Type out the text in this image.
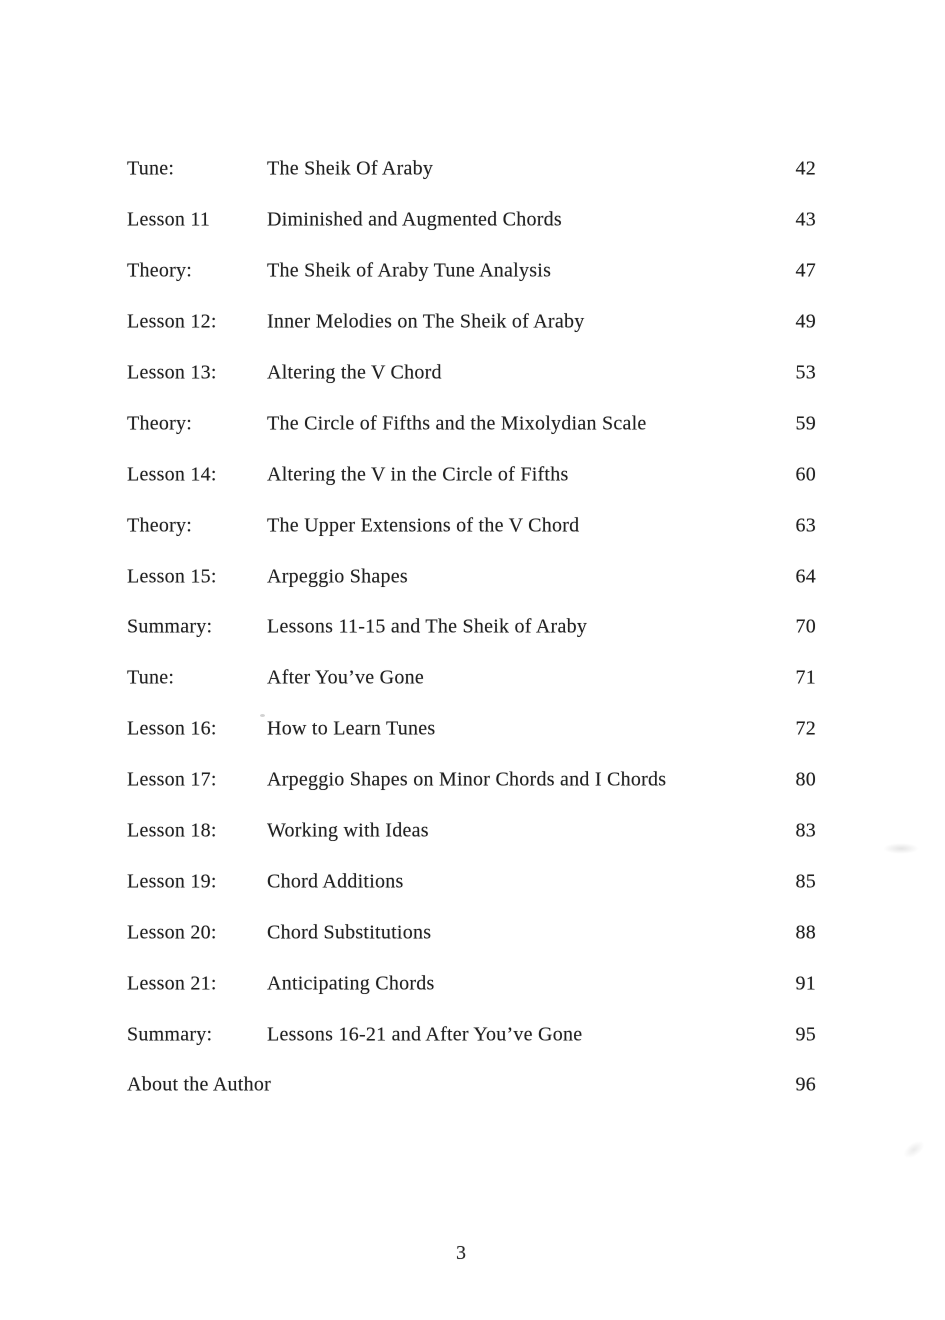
Tune:	The Sheik Of Araby	42
Lesson 11	Diminished and Augmented Chords	43
Theory:	The Sheik of Araby Tune Analysis	47
Lesson 12:	Inner Melodies on The Sheik of Araby	49
Lesson 13:	Altering the V Chord	53
Theory:	The Circle of Fifths and the Mixolydian Scale	59
Lesson 14:	Altering the V in the Circle of Fifths	60
Theory:	The Upper Extensions of the V Chord	63
Lesson 15:	Arpeggio Shapes	64
Summary:	Lessons 11-15 and The Sheik of Araby	70
Tune:	After You’ve Gone	71
Lesson 16:	How to Learn Tunes	72
Lesson 17:	Arpeggio Shapes on Minor Chords and I Chords	80
Lesson 18:	Working with Ideas	83
Lesson 19:	Chord Additions	85
Lesson 20:	Chord Substitutions	88
Lesson 21:	Anticipating Chords	91
Summary:	Lessons 16-21 and After You’ve Gone	95
About the Author	96
3
